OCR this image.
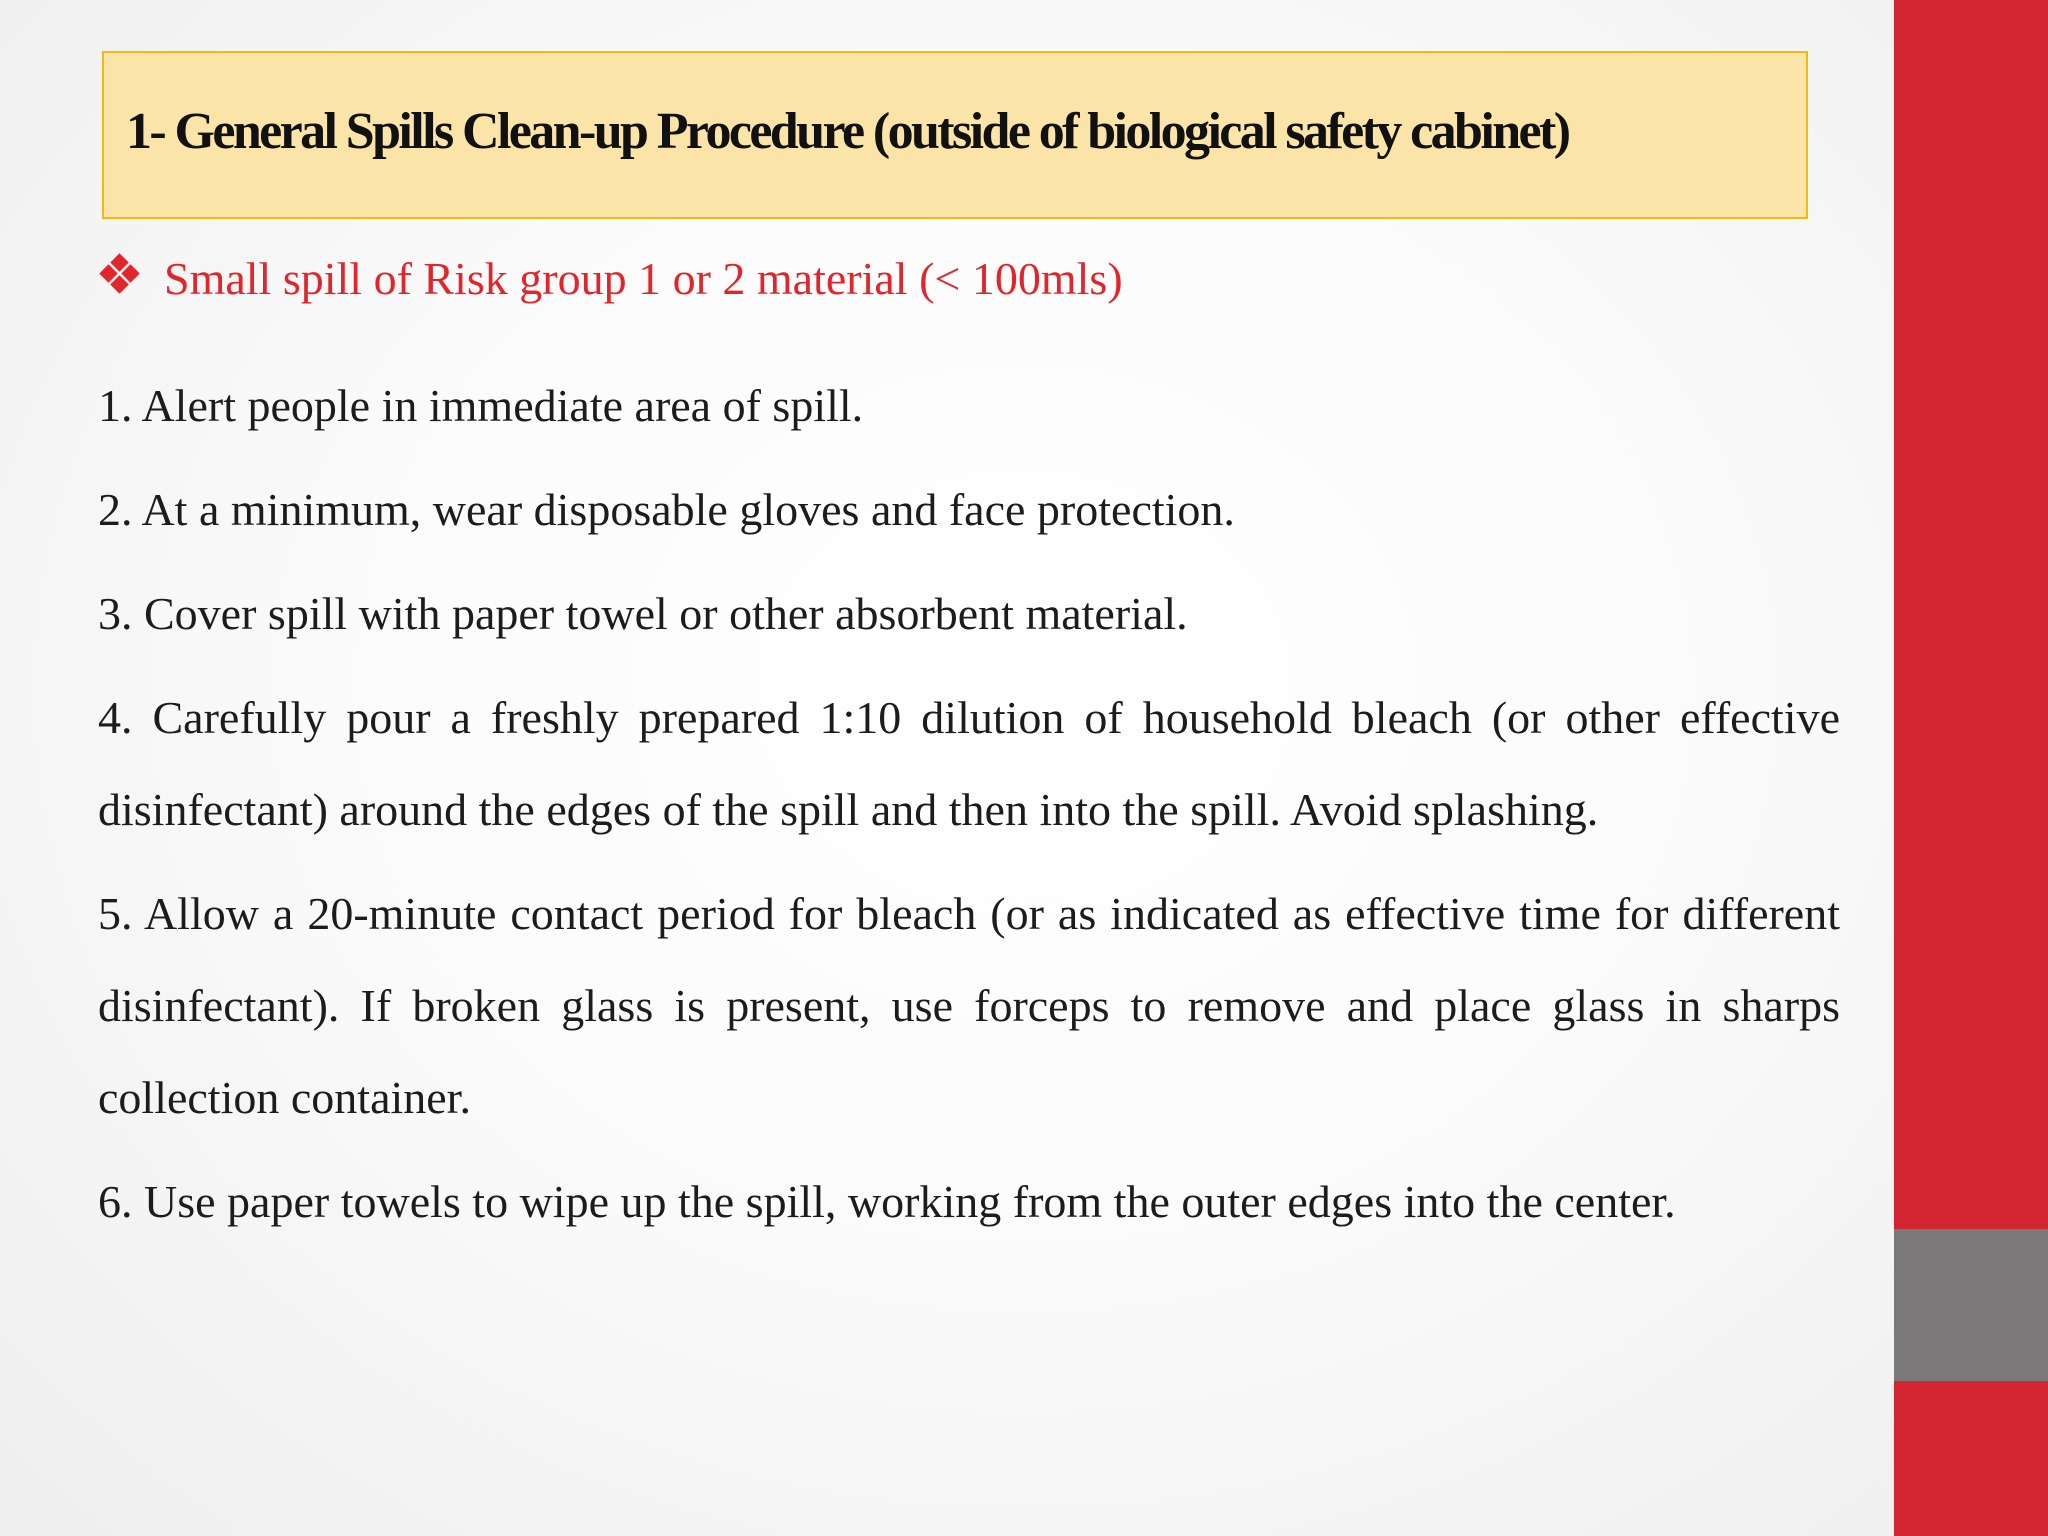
1- General Spills Clean-up Procedure (outside of biological safety cabinet)
Small spill of Risk group 1 or 2 material (< 100mls)

1. Alert people in immediate area of spill.

2. At a minimum, wear disposable gloves and face protection.

3. Cover spill with paper towel or other absorbent material.

4. Carefully pour a freshly prepared 1:10 dilution of household bleach (or other effective disinfectant) around the edges of the spill and then into the spill. Avoid splashing.

5. Allow a 20-minute contact period for bleach (or as indicated as effective time for different disinfectant). If broken glass is present, use forceps to remove and place glass in sharps collection container.

6. Use paper towels to wipe up the spill, working from the outer edges into the center.
